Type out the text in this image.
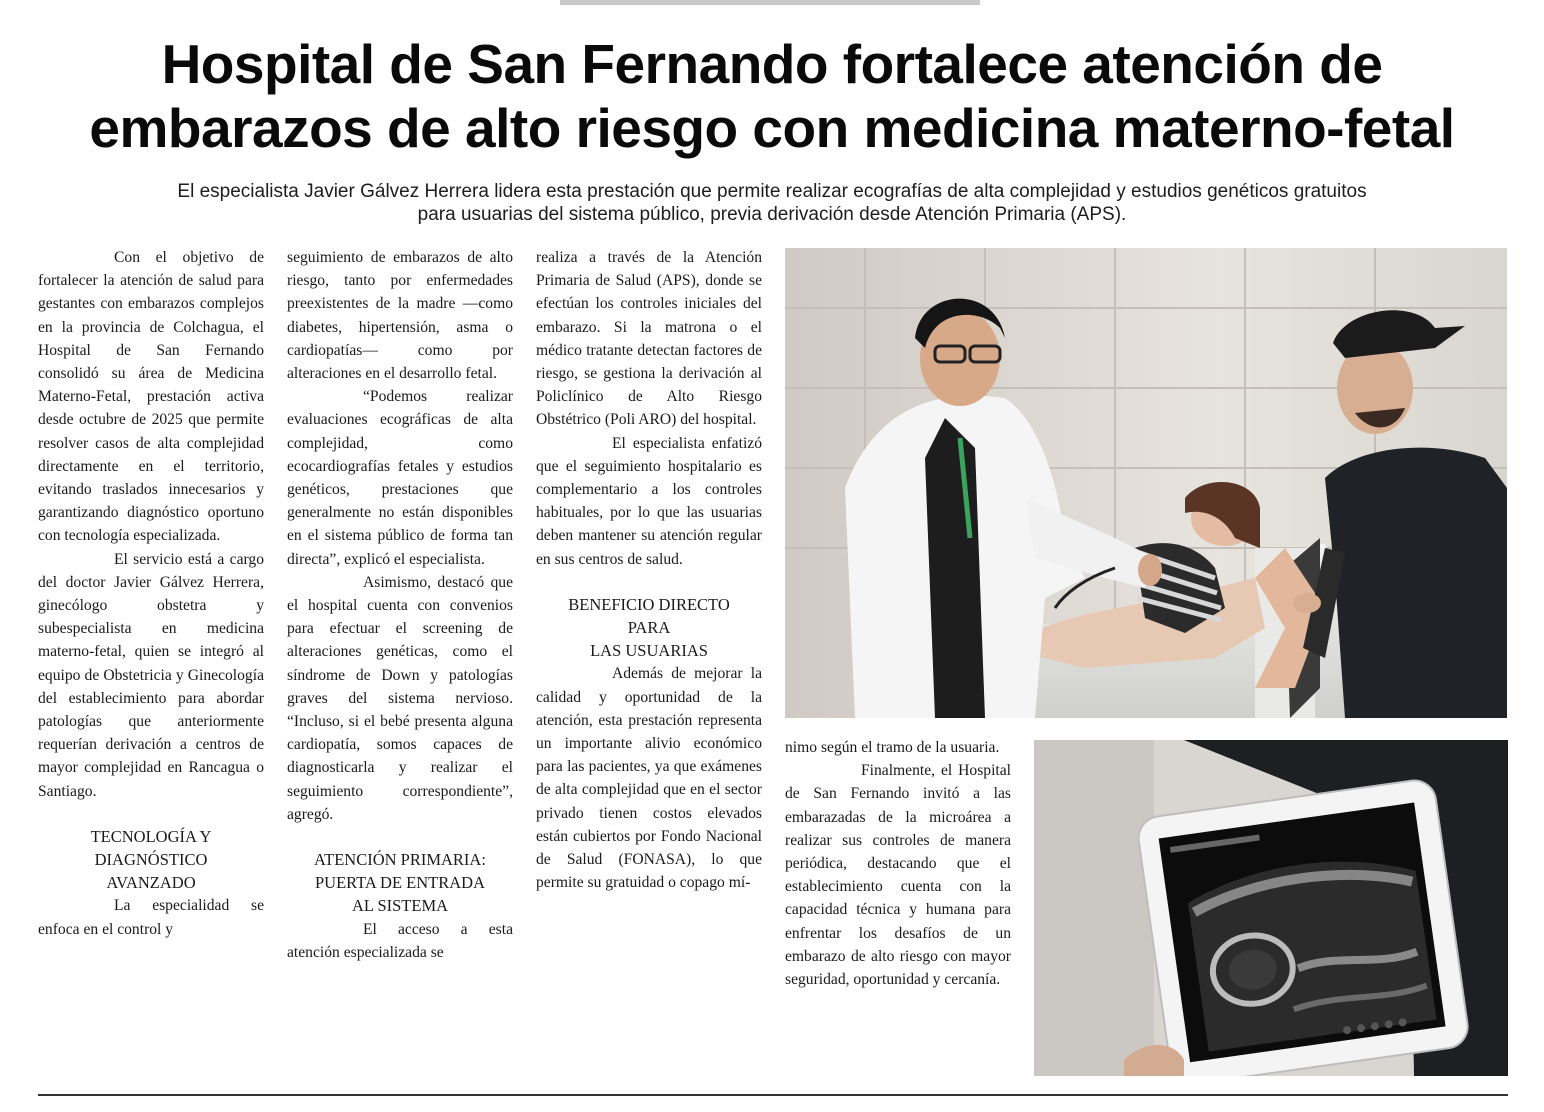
Hospital de San Fernando fortalece atención de
embarazos de alto riesgo con medicina materno-fetal
El especialista Javier Gálvez Herrera lidera esta prestación que permite realizar ecografías de alta complejidad y estudios genéticos gratuitos
para usuarias del sistema público, previa derivación desde Atención Primaria (APS).

Con el objetivo de fortalecer la atención de salud para gestantes con embarazos complejos en la provincia de Colchagua, el Hospital de San Fernando consolidó su área de Medicina Materno-Fetal, prestación activa desde octubre de 2025 que permite resolver casos de alta complejidad directamente en el territorio, evitando traslados innecesarios y garantizando diagnóstico oportuno con tecnología especializada.

El servicio está a cargo del doctor Javier Gálvez Herrera, ginecólogo obstetra y subespecialista en medicina materno-fetal, quien se integró al equipo de Obstetricia y Ginecología del establecimiento para abordar patologías que anteriormente requerían derivación a centros de mayor complejidad en Rancagua o Santiago.

TECNOLOGÍA Y
DIAGNÓSTICO
AVANZADO

La especialidad se enfoca en el control y

seguimiento de embarazos de alto riesgo, tanto por enfermedades preexistentes de la madre —como diabetes, hipertensión, asma o cardiopatías— como por alteraciones en el desarrollo fetal.

“Podemos realizar evaluaciones ecográficas de alta complejidad, como ecocardiografías fetales y estudios genéticos, prestaciones que generalmente no están disponibles en el sistema público de forma tan directa”, explicó el especialista.

Asimismo, destacó que el hospital cuenta con convenios para efectuar el screening de alteraciones genéticas, como el síndrome de Down y patologías graves del sistema nervioso. “Incluso, si el bebé presenta alguna cardiopatía, somos capaces de diagnosticarla y realizar el seguimiento correspondiente”, agregó.

ATENCIÓN PRIMARIA:
PUERTA DE ENTRADA
AL SISTEMA

El acceso a esta atención especializada se

realiza a través de la Atención Primaria de Salud (APS), donde se efectúan los controles iniciales del embarazo. Si la matrona o el médico tratante detectan factores de riesgo, se gestiona la derivación al Policlínico de Alto Riesgo Obstétrico (Poli ARO) del hospital.

El especialista enfatizó que el seguimiento hospitalario es complementario a los controles habituales, por lo que las usuarias deben mantener su atención regular en sus centros de salud.

BENEFICIO DIRECTO
PARA
LAS USUARIAS

Además de mejorar la calidad y oportunidad de la atención, esta prestación representa un importante alivio económico para las pacientes, ya que exámenes de alta complejidad que en el sector privado tienen costos elevados están cubiertos por Fondo Nacional de Salud (FONASA), lo que permite su gratuidad o copago mí-

nimo según el tramo de la usuaria.

Finalmente, el Hospital de San Fernando invitó a las embarazadas de la microárea a realizar sus controles de manera periódica, destacando que el establecimiento cuenta con la capacidad técnica y humana para enfrentar los desafíos de un embarazo de alto riesgo con mayor seguridad, oportunidad y cercanía.
